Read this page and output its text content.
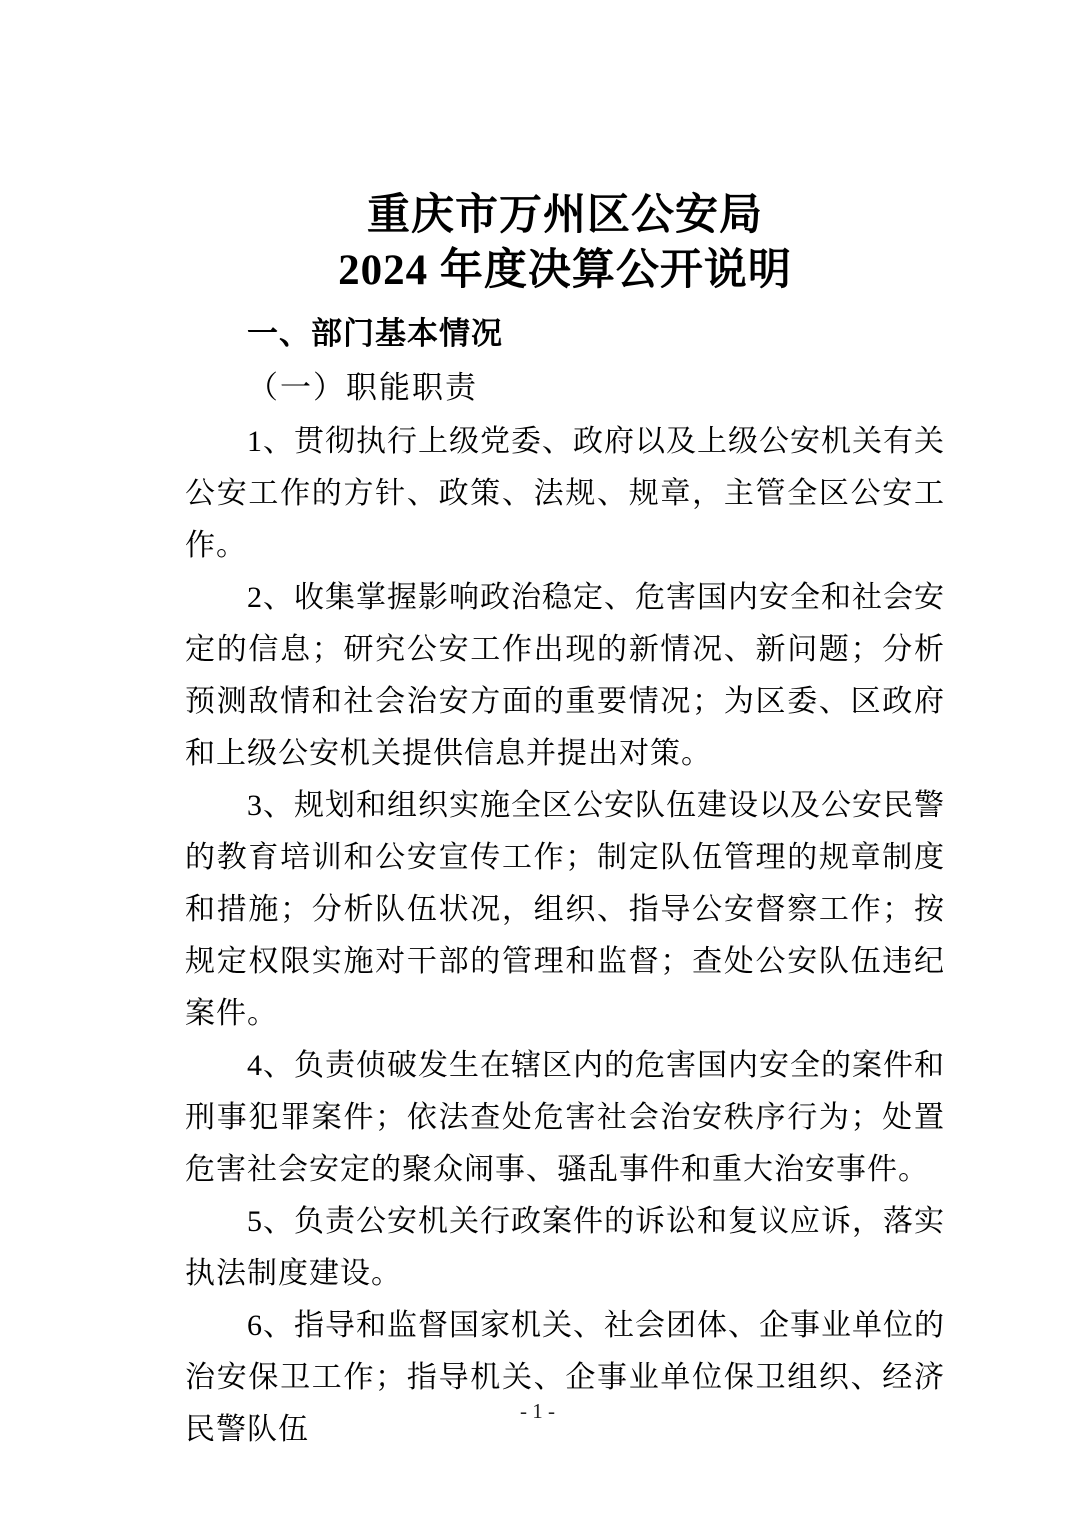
重庆市万州区公安局
2024 年度决算公开说明
一、部门基本情况
（一）职能职责

1、贯彻执行上级党委、政府以及上级公安机关有关公安工作的方针、政策、法规、规章，主管全区公安工作。

2、收集掌握影响政治稳定、危害国内安全和社会安定的信息；研究公安工作出现的新情况、新问题；分析预测敌情和社会治安方面的重要情况；为区委、区政府和上级公安机关提供信息并提出对策。

3、规划和组织实施全区公安队伍建设以及公安民警的教育培训和公安宣传工作；制定队伍管理的规章制度和措施；分析队伍状况，组织、指导公安督察工作；按规定权限实施对干部的管理和监督；查处公安队伍违纪案件。

4、负责侦破发生在辖区内的危害国内安全的案件和刑事犯罪案件；依法查处危害社会治安秩序行为；处置危害社会安定的聚众闹事、骚乱事件和重大治安事件。

5、负责公安机关行政案件的诉讼和复议应诉，落实执法制度建设。

6、指导和监督国家机关、社会团体、企事业单位的治安保卫工作；指导机关、企事业单位保卫组织、经济民警队伍

- 1 -
